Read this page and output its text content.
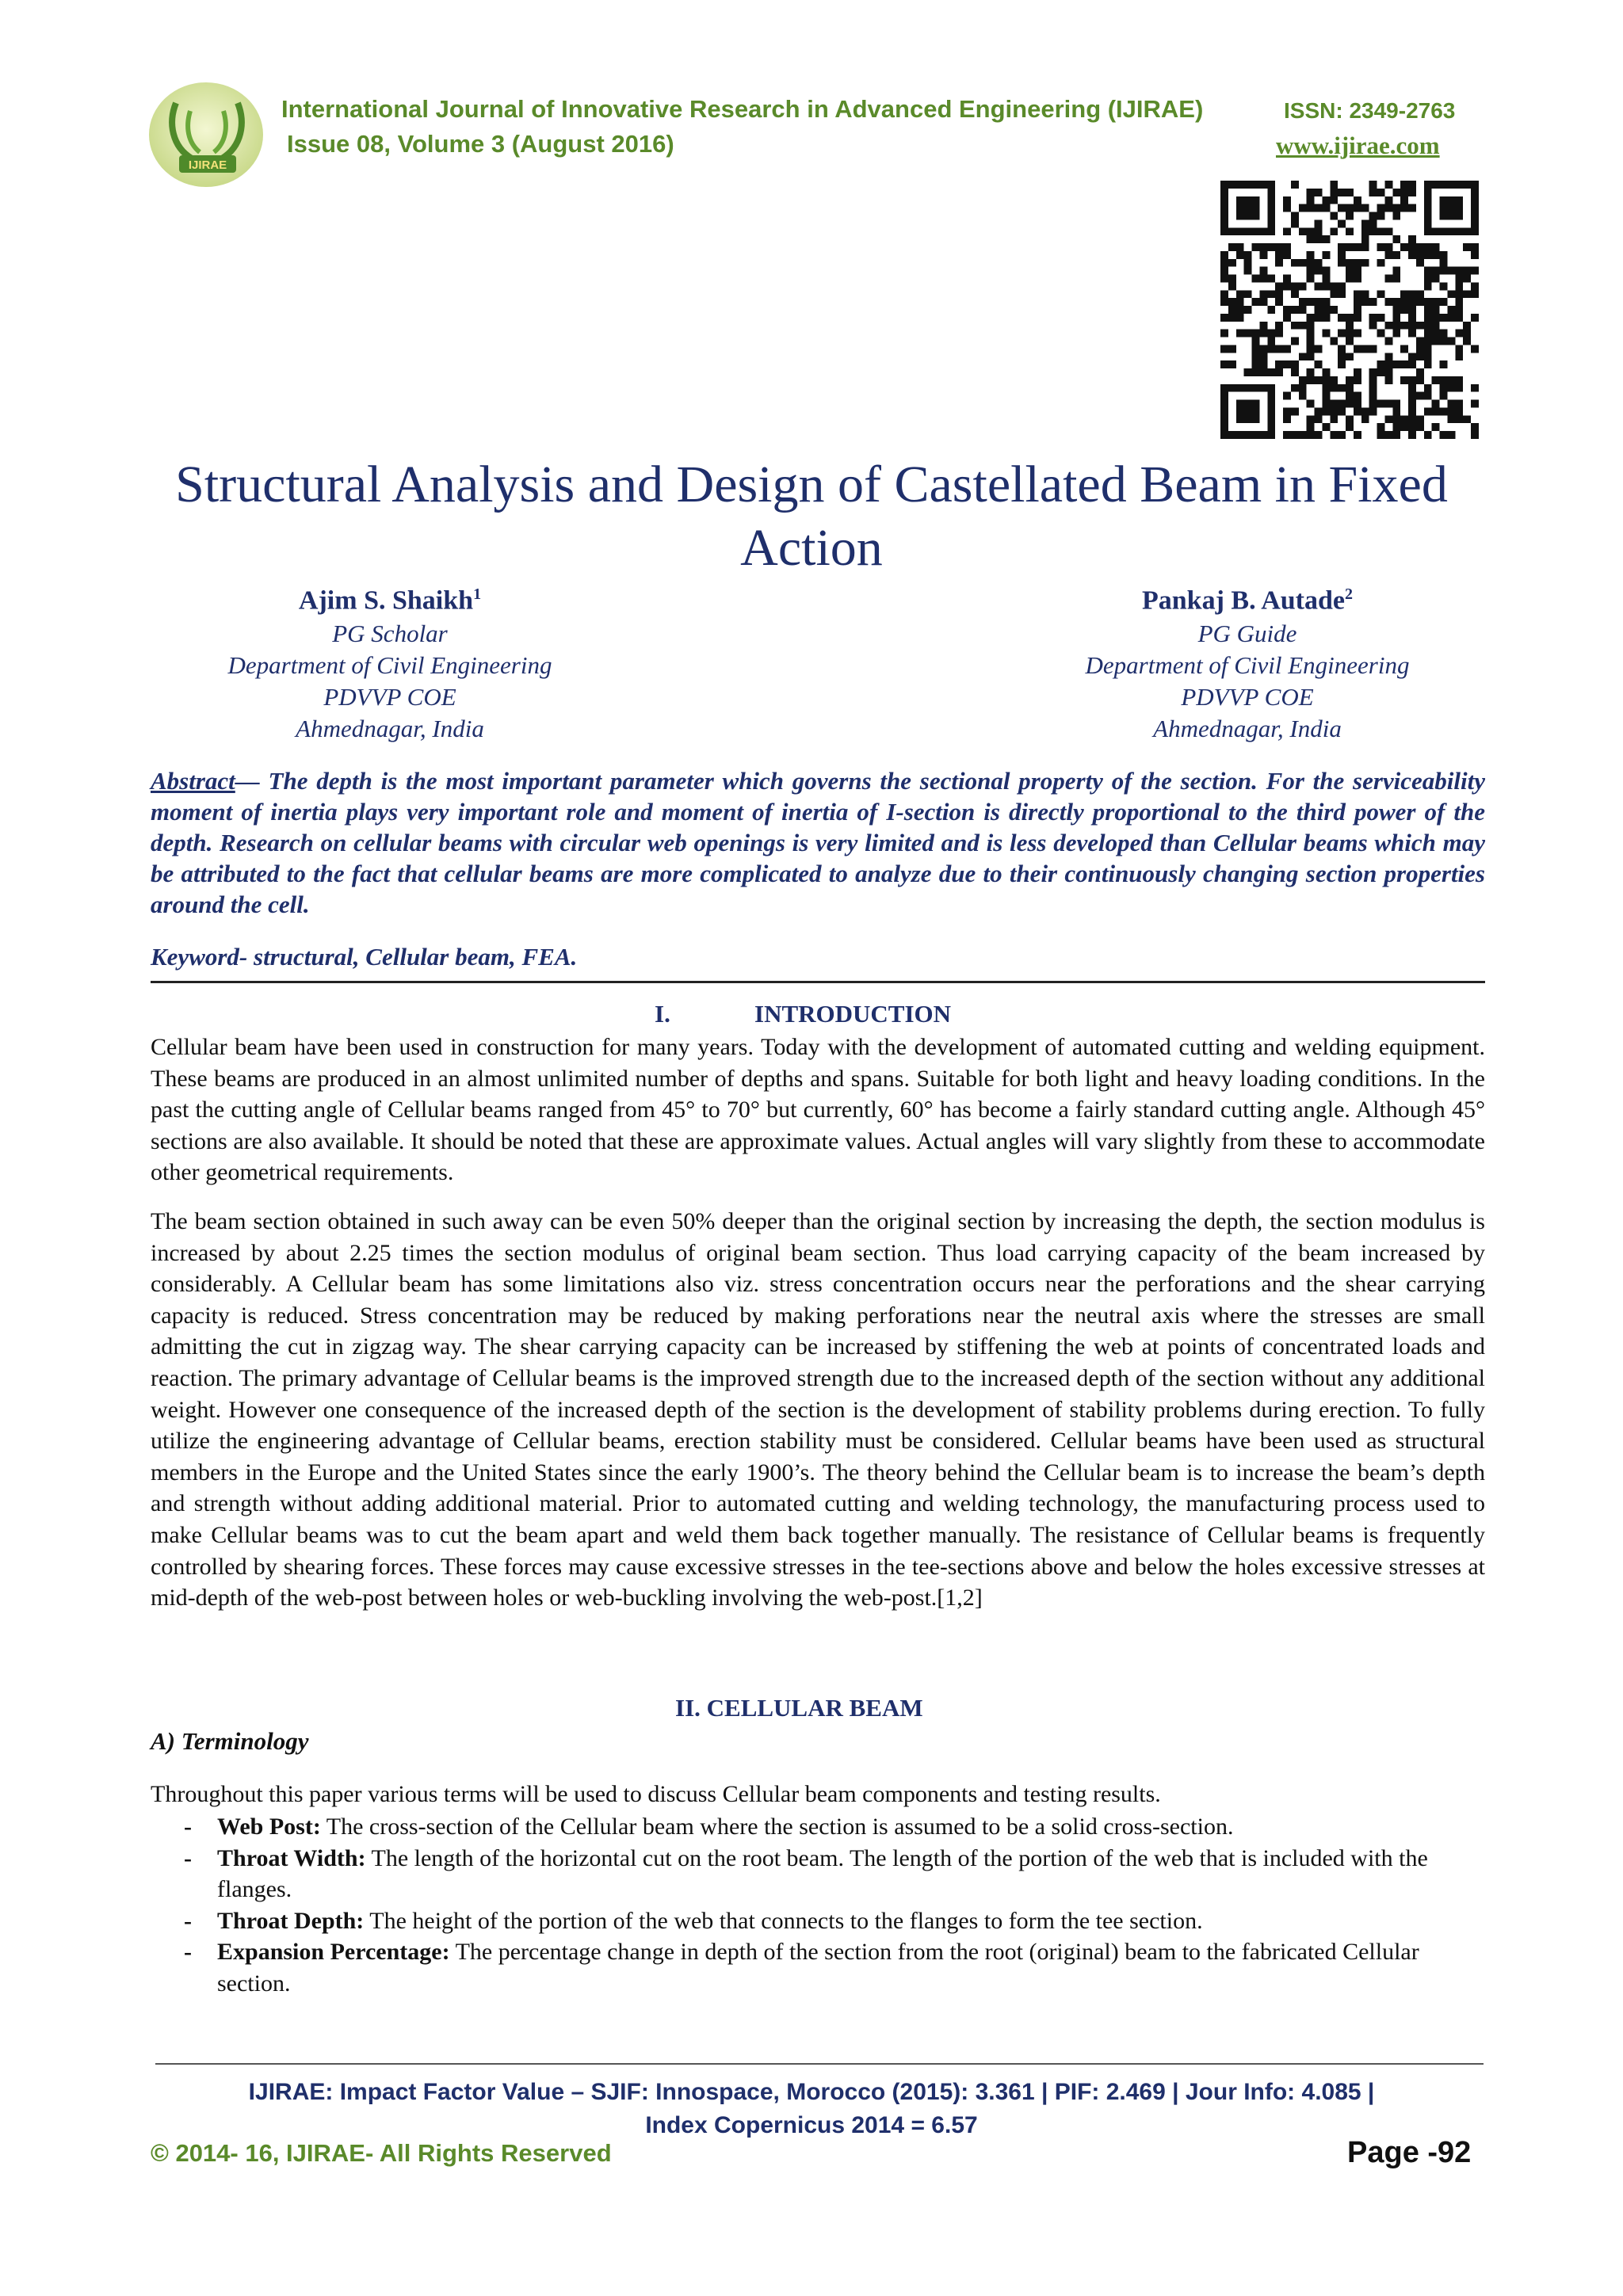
IJIRAE
International Journal of Innovative Research in Advanced Engineering (IJIRAE)
Issue 08, Volume 3 (August 2016)
ISSN: 2349-2763
www.ijirae.com
Structural Analysis and Design of Castellated Beam in Fixed Action
Ajim S. Shaikh$^1$
PG Scholar
Department of Civil Engineering
PDVVP COE
Ahmednagar, India
Pankaj B. Autade$^2$
PG Guide
Department of Civil Engineering
PDVVP COE
Ahmednagar, India
Abstract— The depth is the most important parameter which governs the sectional property of the section. For the serviceability moment of inertia plays very important role and moment of inertia of I-section is directly proportional to the third power of the depth. Research on cellular beams with circular web openings is very limited and is less developed than Cellular beams which may be attributed to the fact that cellular beams are more complicated to analyze due to their continuously changing section properties around the cell.
Keyword- structural, Cellular beam, FEA.
I.	INTRODUCTION
Cellular beam have been used in construction for many years. Today with the development of automated cutting and welding equipment. These beams are produced in an almost unlimited number of depths and spans. Suitable for both light and heavy loading conditions. In the past the cutting angle of Cellular beams ranged from 45° to 70° but currently, 60° has become a fairly standard cutting angle. Although 45° sections are also available. It should be noted that these are approximate values. Actual angles will vary slightly from these to accommodate other geometrical requirements.
The beam section obtained in such away can be even 50% deeper than the original section by increasing the depth, the section modulus is increased by about 2.25 times the section modulus of original beam section. Thus load carrying capacity of the beam increased by considerably. A Cellular beam has some limitations also viz. stress concentration occurs near the perforations and the shear carrying capacity is reduced. Stress concentration may be reduced by making perforations near the neutral axis where the stresses are small admitting the cut in zigzag way. The shear carrying capacity can be increased by stiffening the web at points of concentrated loads and reaction. The primary advantage of Cellular beams is the improved strength due to the increased depth of the section without any additional weight. However one consequence of the increased depth of the section is the development of stability problems during erection. To fully utilize the engineering advantage of Cellular beams, erection stability must be considered. Cellular beams have been used as structural members in the Europe and the United States since the early 1900’s. The theory behind the Cellular beam is to increase the beam’s depth and strength without adding additional material. Prior to automated cutting and welding technology, the manufacturing process used to make Cellular beams was to cut the beam apart and weld them back together manually. The resistance of Cellular beams is frequently controlled by shearing forces. These forces may cause excessive stresses in the tee-sections above and below the holes excessive stresses at mid-depth of the web-post between holes or web-buckling involving the web-post.[1,2]
II. CELLULAR BEAM
A) Terminology
Throughout this paper various terms will be used to discuss Cellular beam components and testing results.
- Web Post: The cross-section of the Cellular beam where the section is assumed to be a solid cross-section.
- Throat Width: The length of the horizontal cut on the root beam. The length of the portion of the web that is included with the flanges.
- Throat Depth: The height of the portion of the web that connects to the flanges to form the tee section.
- Expansion Percentage: The percentage change in depth of the section from the root (original) beam to the fabricated Cellular section.
IJIRAE: Impact Factor Value – SJIF: Innospace, Morocco (2015): 3.361 | PIF: 2.469 | Jour Info: 4.085 |
Index Copernicus 2014 = 6.57
© 2014- 16, IJIRAE- All Rights Reserved	Page -92
